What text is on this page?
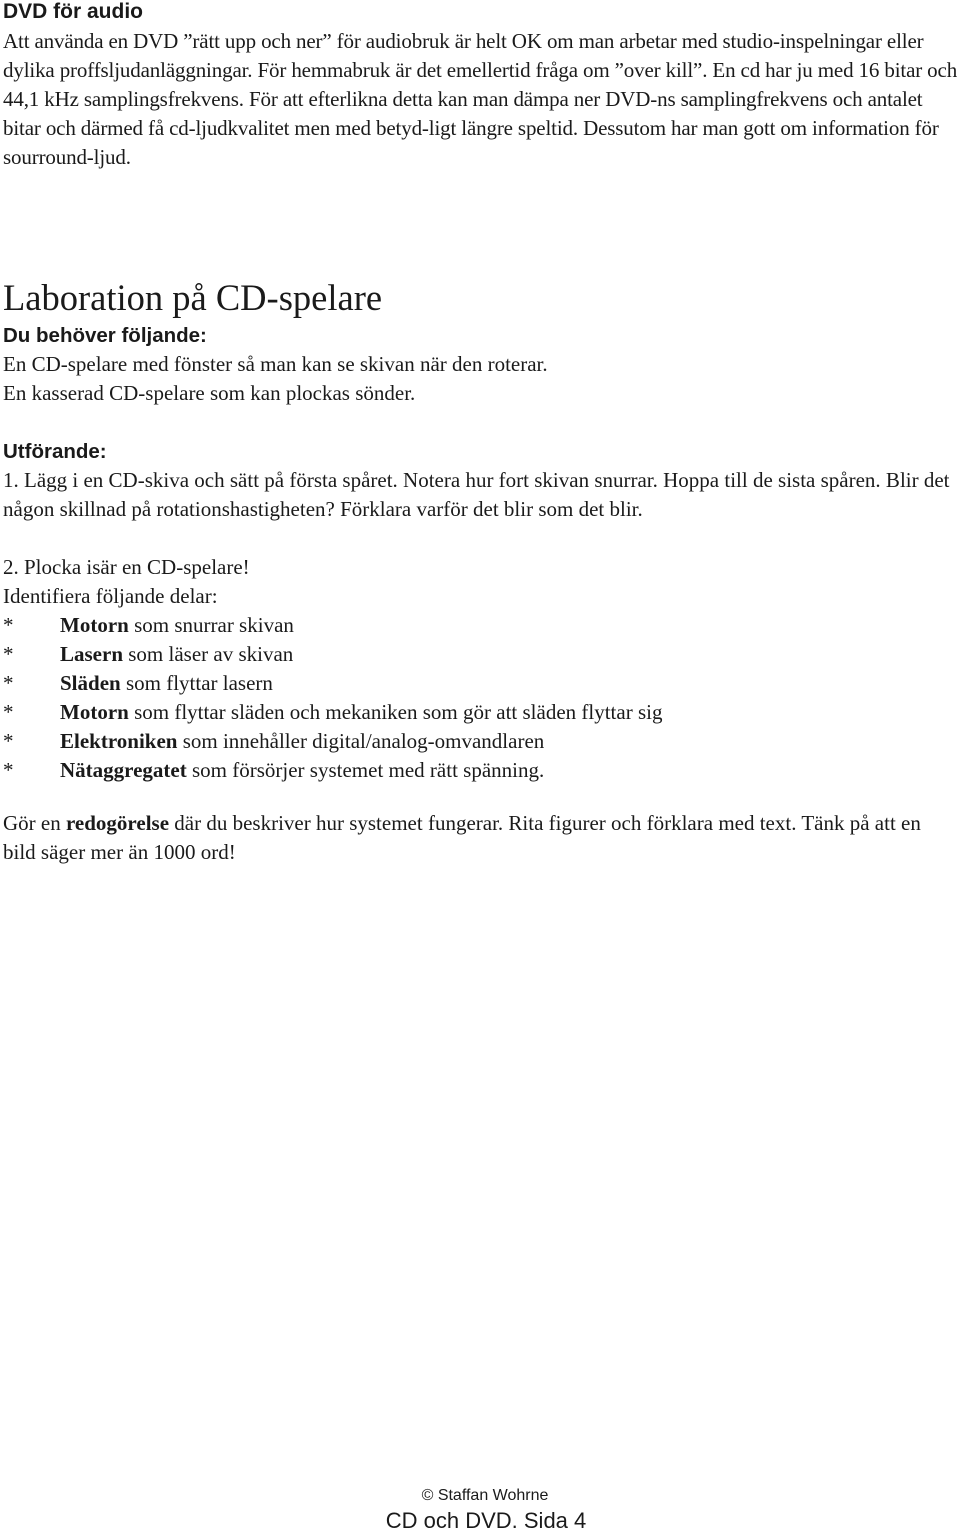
DVD för audio

Att använda en DVD ”rätt upp och ner” för audiobruk är helt OK om man arbetar med studio-inspelningar eller dylika proffsljudanläggningar. För hemmabruk är det emellertid fråga om ”over kill”. En cd har ju med 16 bitar och 44,1 kHz samplingsfrekvens. För att efterlikna detta kan man dämpa ner DVD-ns samplingfrekvens och antalet bitar och därmed få cd-ljudkvalitet men med betyd-ligt längre speltid. Dessutom har man gott om information för sourround-ljud.

Laboration på CD-spelare
Du behöver följande:

En CD-spelare med fönster så man kan se skivan när den roterar.

En kasserad CD-spelare som kan plockas sönder.

Utförande:

1. Lägg i en CD-skiva och sätt på första spåret. Notera hur fort skivan snurrar. Hoppa till de sista spåren. Blir det någon skillnad på rotationshastigheten? Förklara varför det blir som det blir.

2. Plocka isär en CD-spelare!

Identifiera följande delar:

* Motorn som snurrar skivan

* Lasern som läser av skivan

* Släden som flyttar lasern

* Motorn som flyttar släden och mekaniken som gör att släden flyttar sig

* Elektroniken som innehåller digital/analog-omvandlaren

* Nätaggregatet som försörjer systemet med rätt spänning.

Gör en redogörelse där du beskriver hur systemet fungerar. Rita figurer och förklara med text. Tänk på att en bild säger mer än 1000 ord!

© Staffan Wohrne
CD och DVD. Sida 4
